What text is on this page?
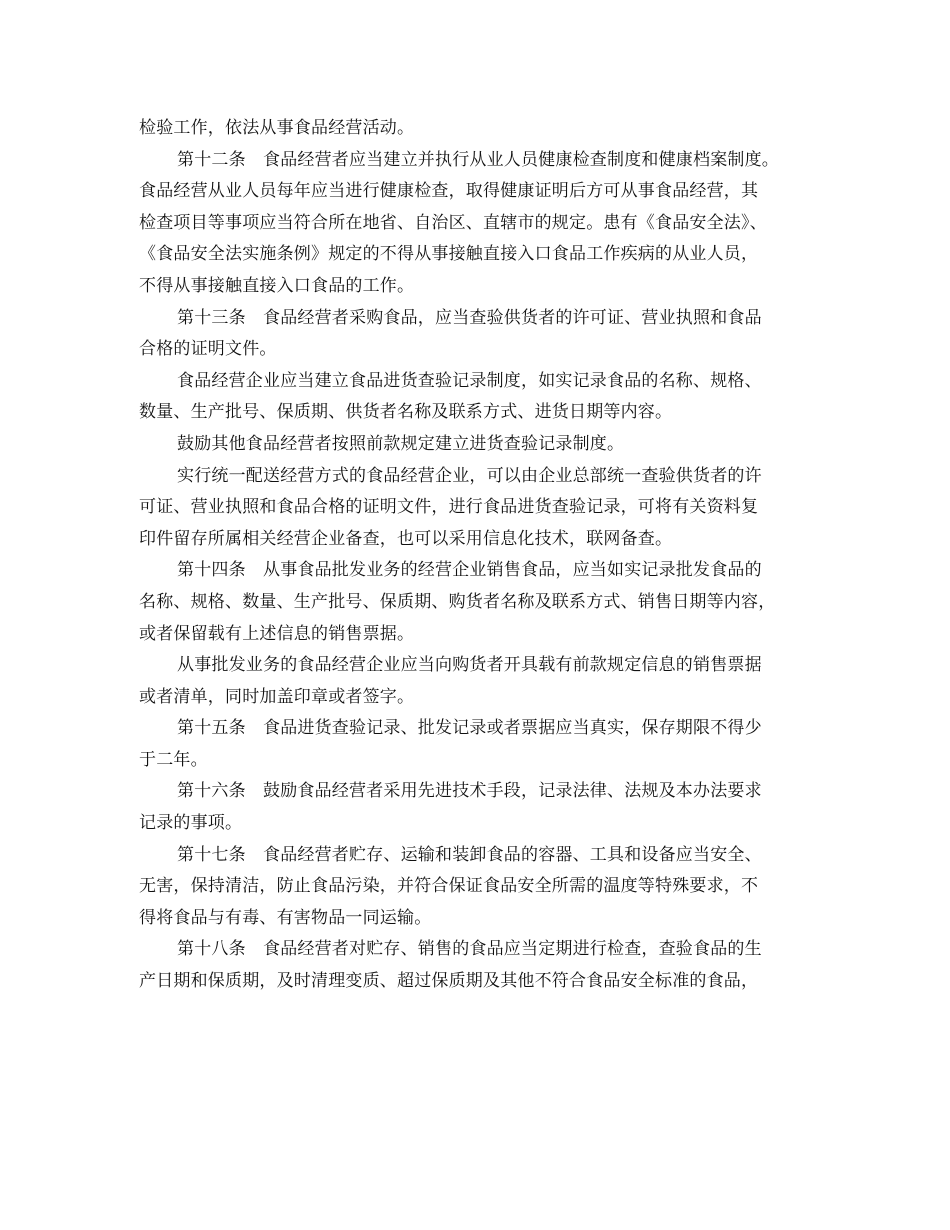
检验工作，依法从事食品经营活动。
第十二条　食品经营者应当建立并执行从业人员健康检查制度和健康档案制度。
食品经营从业人员每年应当进行健康检查，取得健康证明后方可从事食品经营，其
检查项目等事项应当符合所在地省、自治区、直辖市的规定。患有《食品安全法》、
《食品安全法实施条例》规定的不得从事接触直接入口食品工作疾病的从业人员，
不得从事接触直接入口食品的工作。
第十三条　食品经营者采购食品，应当查验供货者的许可证、营业执照和食品
合格的证明文件。
食品经营企业应当建立食品进货查验记录制度，如实记录食品的名称、规格、
数量、生产批号、保质期、供货者名称及联系方式、进货日期等内容。
鼓励其他食品经营者按照前款规定建立进货查验记录制度。
实行统一配送经营方式的食品经营企业，可以由企业总部统一查验供货者的许
可证、营业执照和食品合格的证明文件，进行食品进货查验记录，可将有关资料复
印件留存所属相关经营企业备查，也可以采用信息化技术，联网备查。
第十四条　从事食品批发业务的经营企业销售食品，应当如实记录批发食品的
名称、规格、数量、生产批号、保质期、购货者名称及联系方式、销售日期等内容，
或者保留载有上述信息的销售票据。
从事批发业务的食品经营企业应当向购货者开具载有前款规定信息的销售票据
或者清单，同时加盖印章或者签字。
第十五条　食品进货查验记录、批发记录或者票据应当真实，保存期限不得少
于二年。
第十六条　鼓励食品经营者采用先进技术手段，记录法律、法规及本办法要求
记录的事项。
第十七条　食品经营者贮存、运输和装卸食品的容器、工具和设备应当安全、
无害，保持清洁，防止食品污染，并符合保证食品安全所需的温度等特殊要求，不
得将食品与有毒、有害物品一同运输。
第十八条　食品经营者对贮存、销售的食品应当定期进行检查，查验食品的生
产日期和保质期，及时清理变质、超过保质期及其他不符合食品安全标准的食品，
